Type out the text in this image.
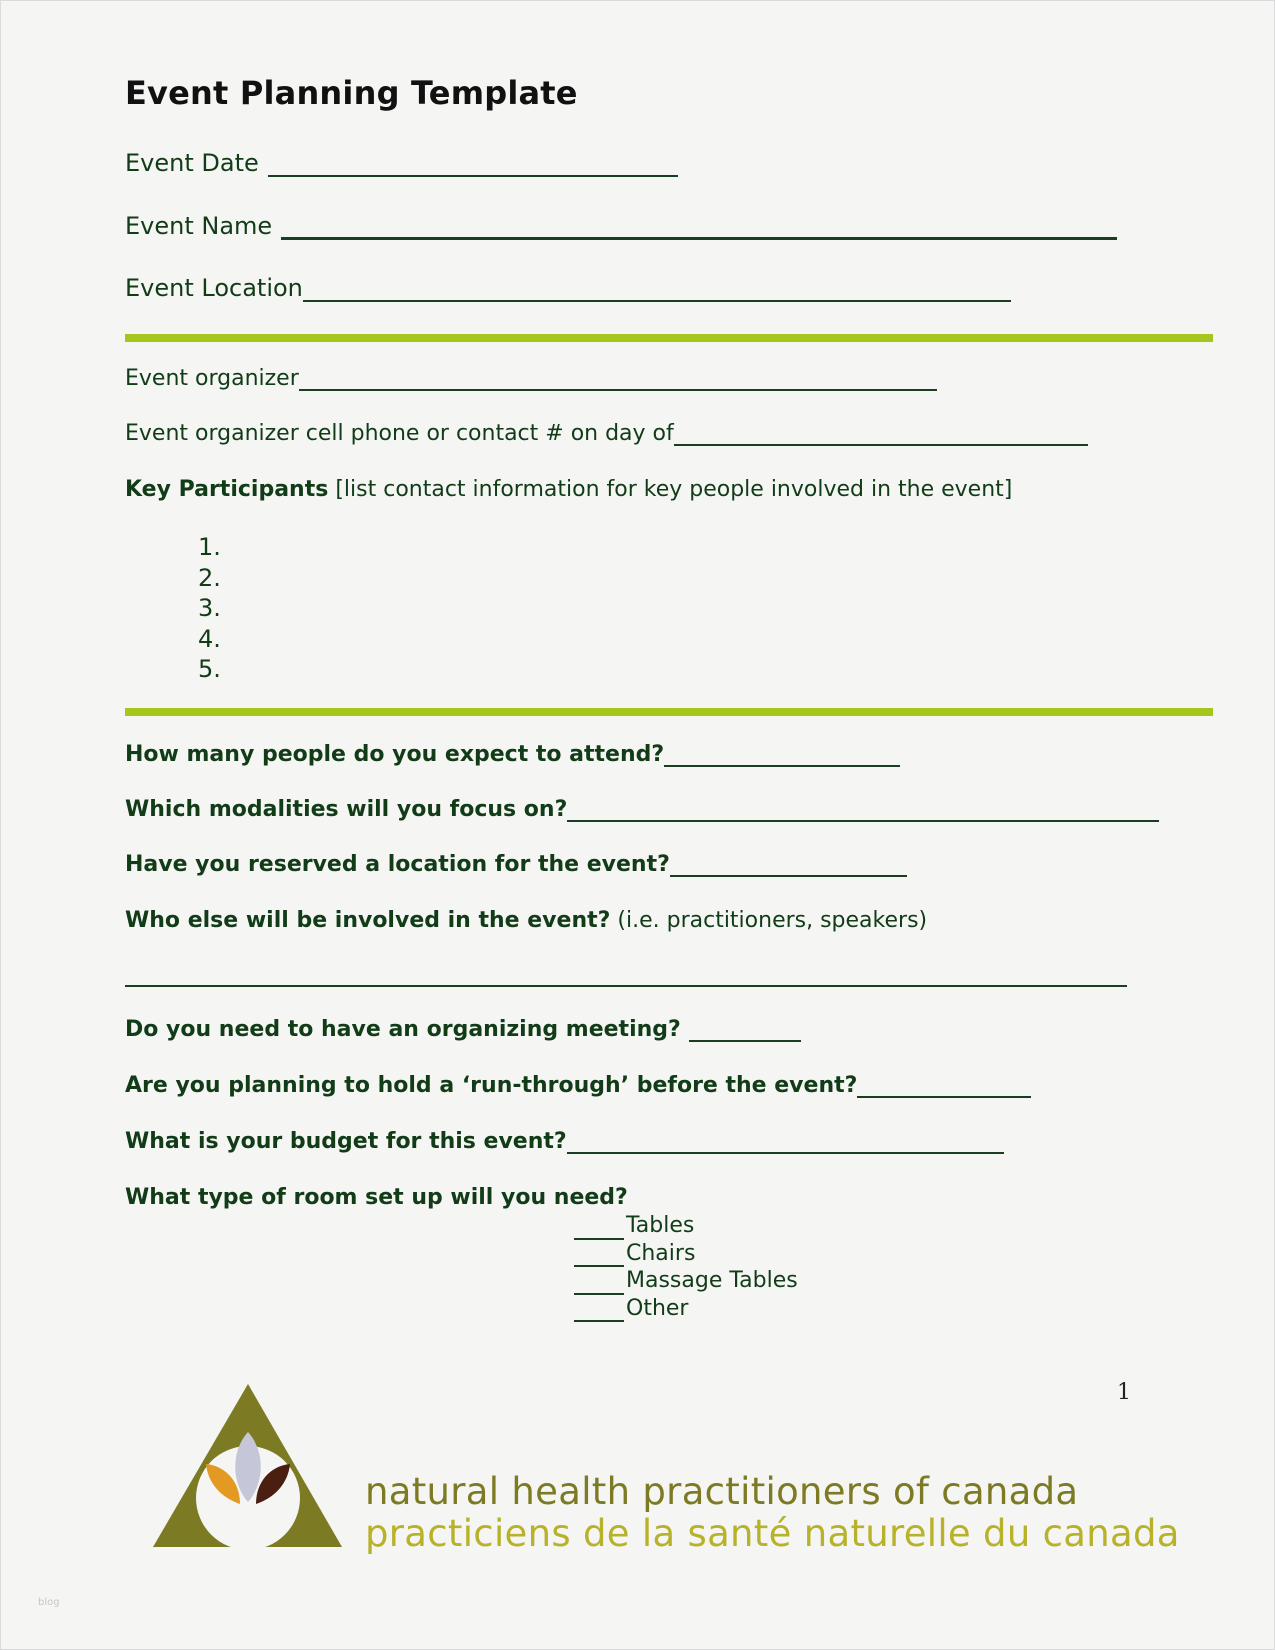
Event Planning Template
Event Date
Event Name
Event Location
Event organizer
Event organizer cell phone or contact # on day of
Key Participants [list contact information for key people involved in the event]
1.
2.
3.
4.
5.
How many people do you expect to attend?
Which modalities will you focus on?
Have you reserved a location for the event?
Who else will be involved in the event? (i.e. practitioners, speakers)
Do you need to have an organizing meeting?
Are you planning to hold a ‘run-through’ before the event?
What is your budget for this event?
What type of room set up will you need?
Tables
Chairs
Massage Tables
Other
1
natural health practitioners of canada
practiciens de la santé naturelle du canada
blog
